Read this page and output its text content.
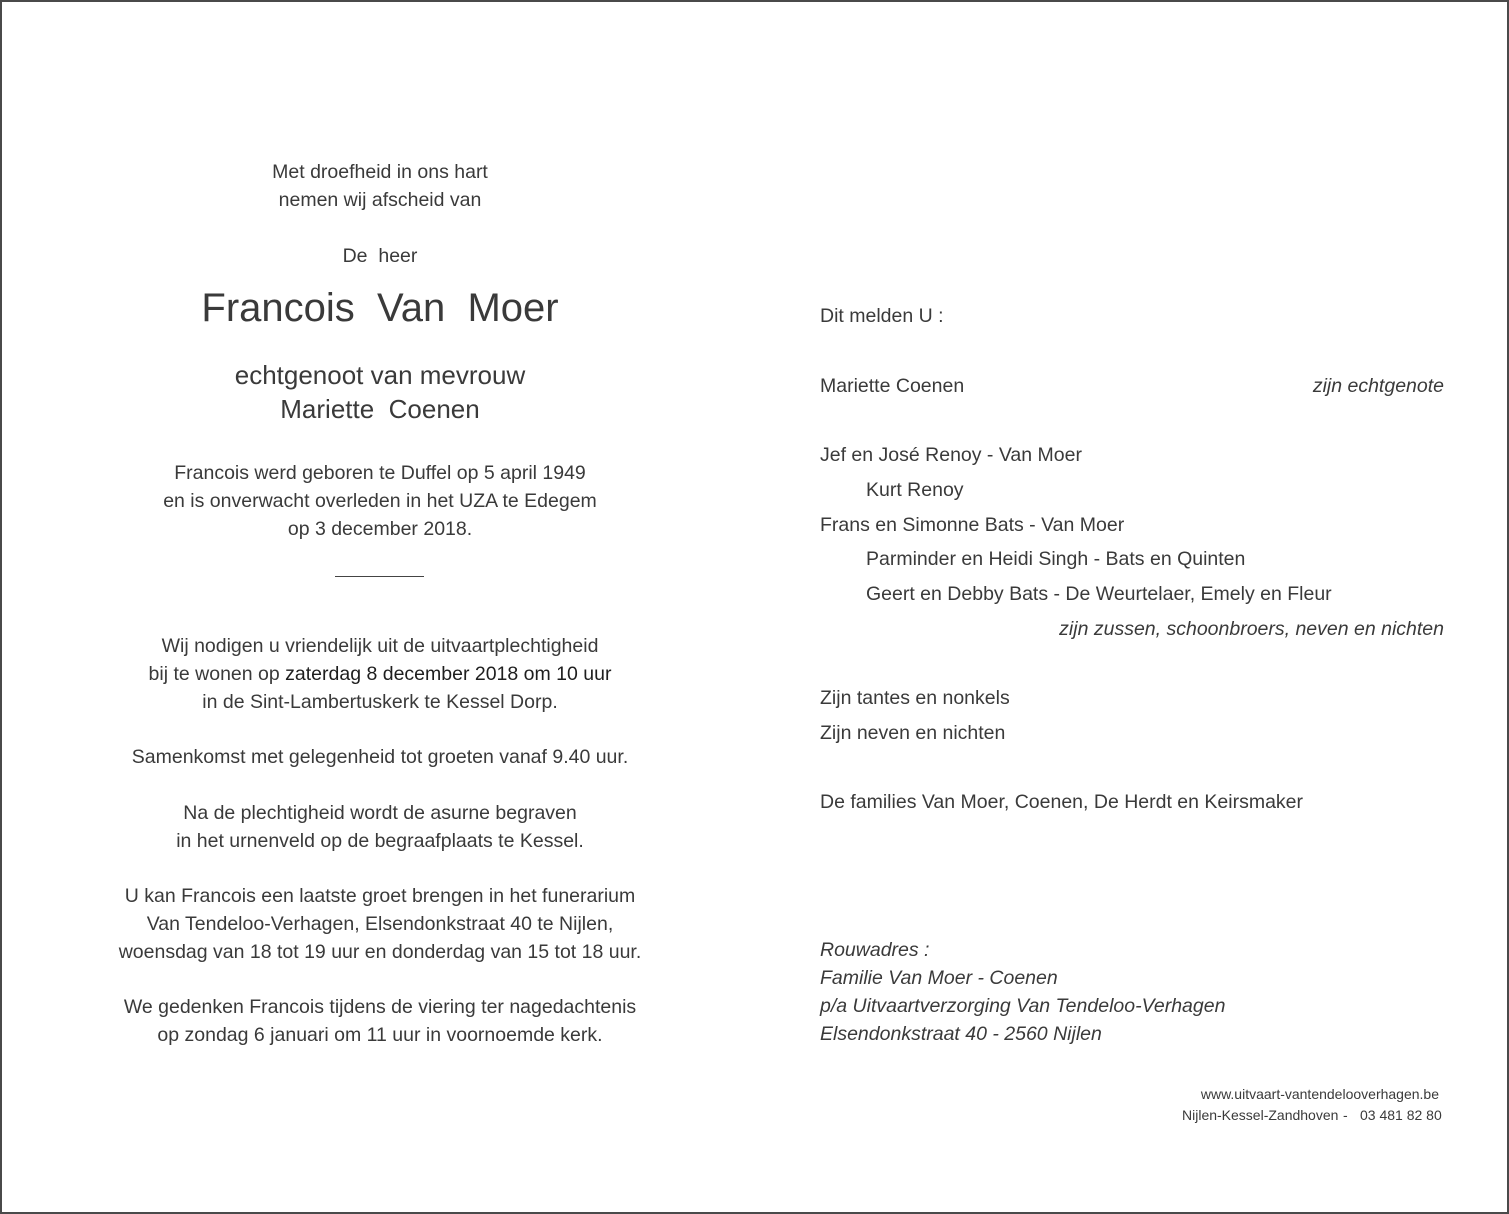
Met droefheid in ons hart
nemen wij afscheid van
De  heer
Francois  Van  Moer
echtgenoot van mevrouw
Mariette  Coenen
Francois werd geboren te Duffel op 5 april 1949
en is onverwacht overleden in het UZA te Edegem
op 3 december 2018.
Wij nodigen u vriendelijk uit de uitvaartplechtigheid
bij te wonen op zaterdag 8 december 2018 om 10 uur
in de Sint-Lambertuskerk te Kessel Dorp.
Samenkomst met gelegenheid tot groeten vanaf 9.40 uur.
Na de plechtigheid wordt de asurne begraven
in het urnenveld op de begraafplaats te Kessel.
U kan Francois een laatste groet brengen in het funerarium
Van Tendeloo-Verhagen, Elsendonkstraat 40 te Nijlen,
woensdag van 18 tot 19 uur en donderdag van 15 tot 18 uur.
We gedenken Francois tijdens de viering ter nagedachtenis
op zondag 6 januari om 11 uur in voornoemde kerk.
Dit melden U :
Mariette Coenen	zijn echtgenote
Jef en José Renoy - Van Moer
Kurt Renoy
Frans en Simonne Bats - Van Moer
Parminder en Heidi Singh - Bats en Quinten
Geert en Debby Bats - De Weurtelaer, Emely en Fleur
zijn zussen, schoonbroers, neven en nichten
Zijn tantes en nonkels
Zijn neven en nichten
De families Van Moer, Coenen, De Herdt en Keirsmaker
Rouwadres :
Familie Van Moer - Coenen
p/a Uitvaartverzorging Van Tendeloo-Verhagen
Elsendonkstraat 40 - 2560 Nijlen
www.uitvaart-vantendelooverhagen.be
Nijlen-Kessel-Zandhoven - 03 481 82 80
